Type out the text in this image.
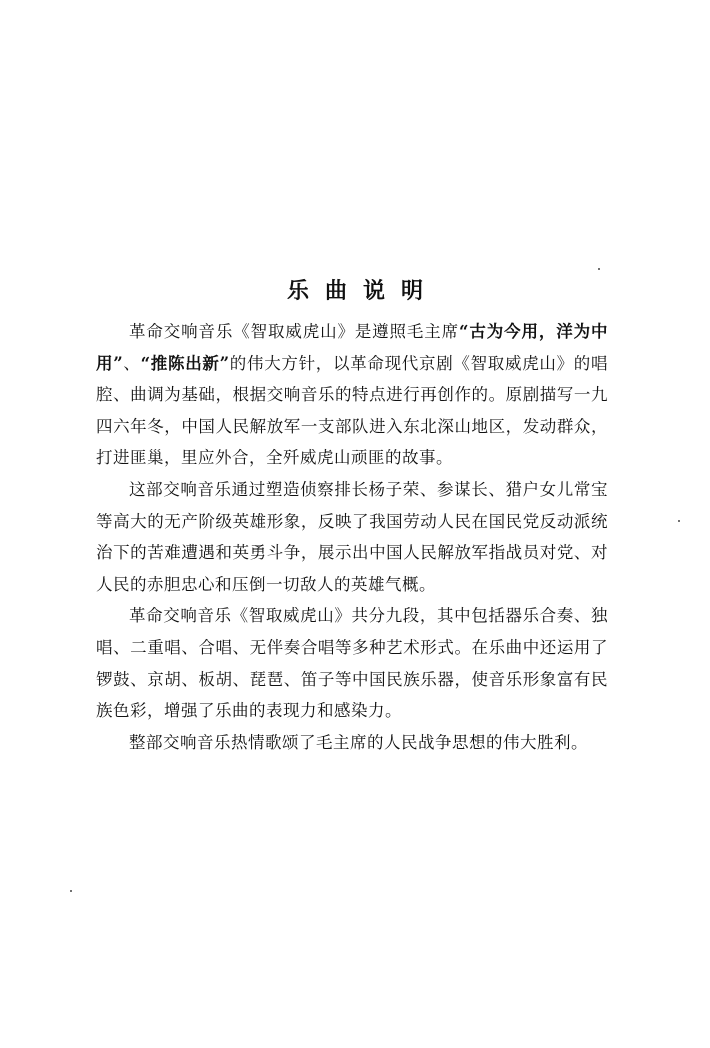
乐曲说明

革命交响音乐《智取威虎山》是遵照毛主席“古为今用，洋为中用”、“推陈出新”的伟大方针，以革命现代京剧《智取威虎山》的唱腔、曲调为基础，根据交响音乐的特点进行再创作的。原剧描写一九四六年冬，中国人民解放军一支部队进入东北深山地区，发动群众，打进匪巢，里应外合，全歼威虎山顽匪的故事。

这部交响音乐通过塑造侦察排长杨子荣、参谋长、猎户女儿常宝等高大的无产阶级英雄形象，反映了我国劳动人民在国民党反动派统治下的苦难遭遇和英勇斗争，展示出中国人民解放军指战员对党、对人民的赤胆忠心和压倒一切敌人的英雄气概。

革命交响音乐《智取威虎山》共分九段，其中包括器乐合奏、独唱、二重唱、合唱、无伴奏合唱等多种艺术形式。在乐曲中还运用了锣鼓、京胡、板胡、琵琶、笛子等中国民族乐器，使音乐形象富有民族色彩，增强了乐曲的表现力和感染力。

整部交响音乐热情歌颂了毛主席的人民战争思想的伟大胜利。
